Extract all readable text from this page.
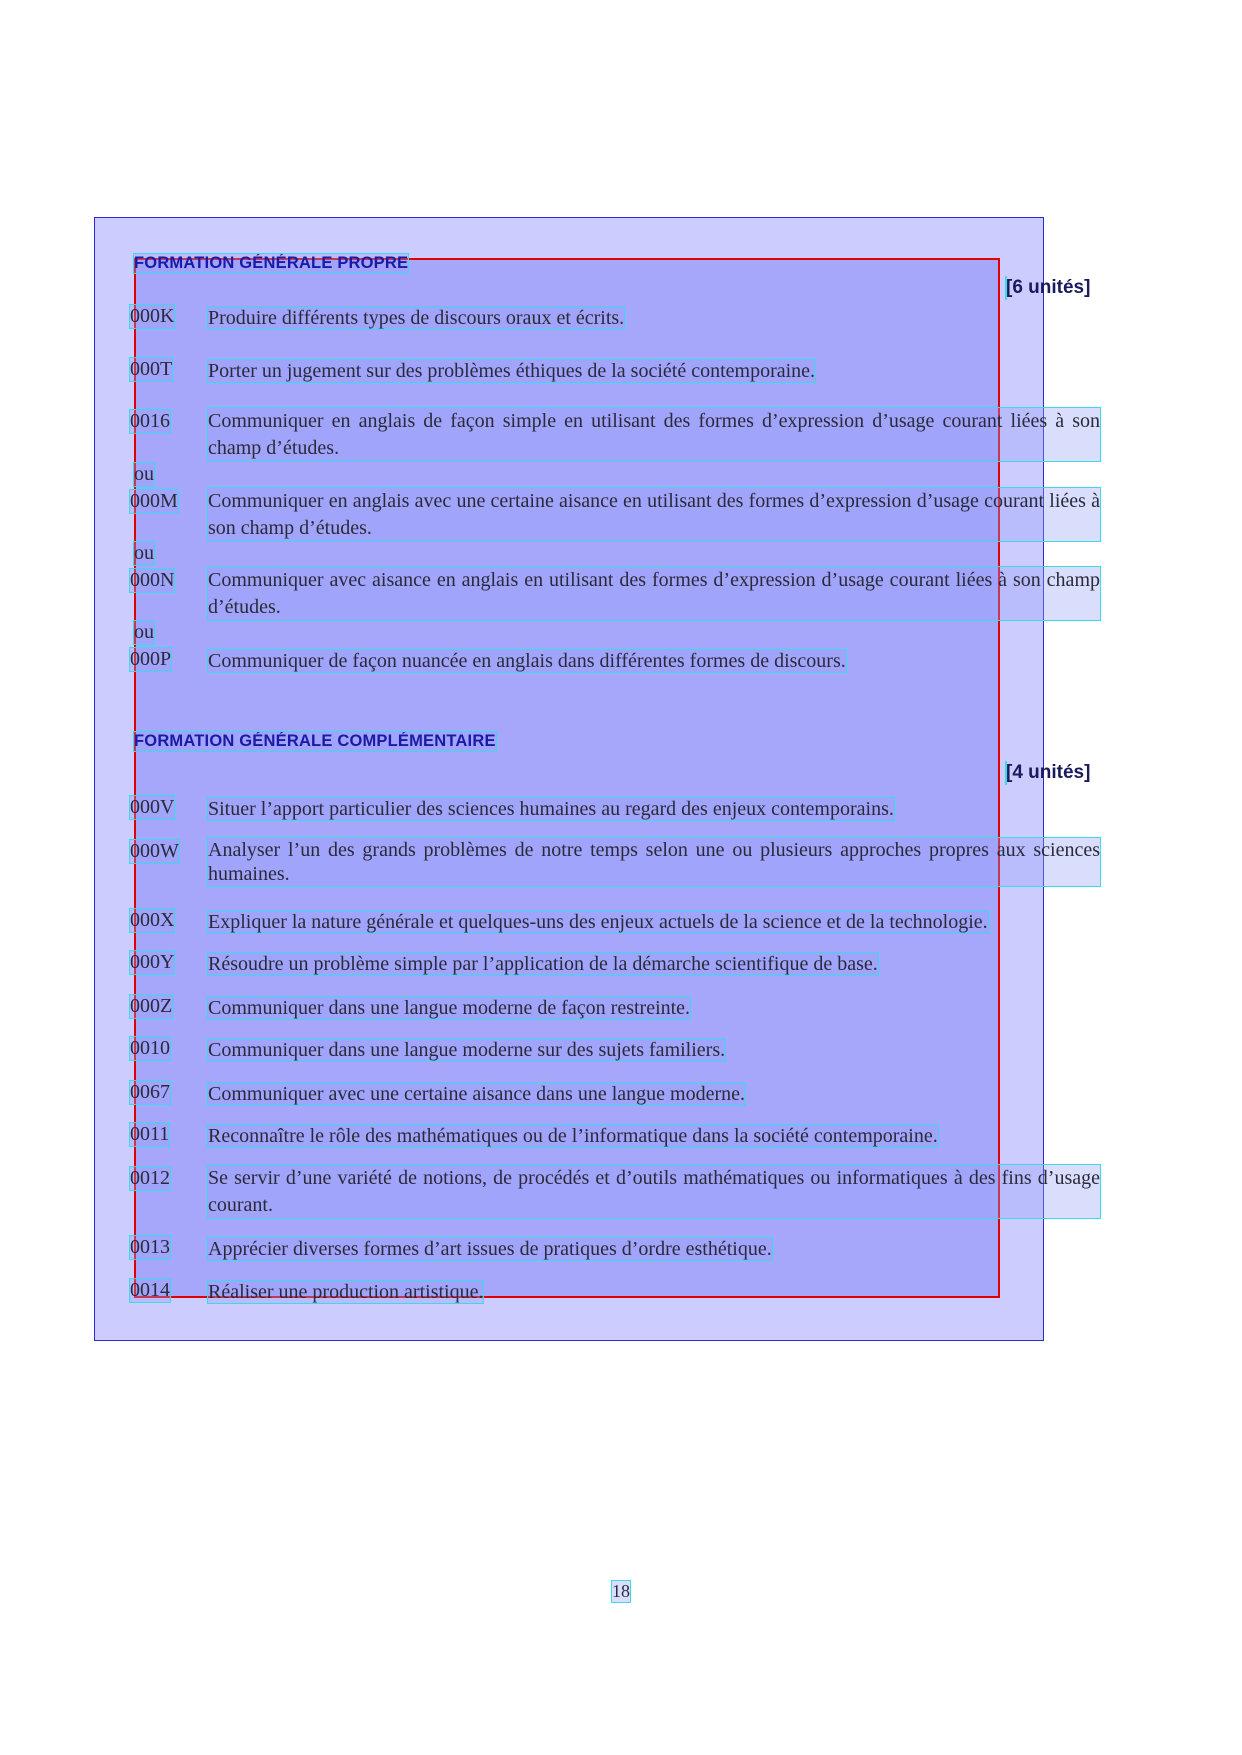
FORMATION GÉNÉRALE PROPRE
[6 unités]
000K Produire différents types de discours oraux et écrits.
000T Porter un jugement sur des problèmes éthiques de la société contemporaine.
0016 Communiquer en anglais de façon simple en utilisant des formes d’expression d’usage courant liées à son champ d’études.
ou
000M Communiquer en anglais avec une certaine aisance en utilisant des formes d’expression d’usage courant liées à son champ d’études.
ou
000N Communiquer avec aisance en anglais en utilisant des formes d’expression d’usage courant liées à son champ d’études.
ou
000P Communiquer de façon nuancée en anglais dans différentes formes de discours.
FORMATION GÉNÉRALE COMPLÉMENTAIRE
[4 unités]
000V Situer l’apport particulier des sciences humaines au regard des enjeux contemporains.
000W Analyser l’un des grands problèmes de notre temps selon une ou plusieurs approches propres aux sciences humaines.
000X Expliquer la nature générale et quelques-uns des enjeux actuels de la science et de la technologie.
000Y Résoudre un problème simple par l’application de la démarche scientifique de base.
000Z Communiquer dans une langue moderne de façon restreinte.
0010 Communiquer dans une langue moderne sur des sujets familiers.
0067 Communiquer avec une certaine aisance dans une langue moderne.
0011 Reconnaître le rôle des mathématiques ou de l’informatique dans la société contemporaine.
0012 Se servir d’une variété de notions, de procédés et d’outils mathématiques ou informatiques à des fins d’usage courant.
0013 Apprécier diverses formes d’art issues de pratiques d’ordre esthétique.
0014 Réaliser une production artistique.
18
